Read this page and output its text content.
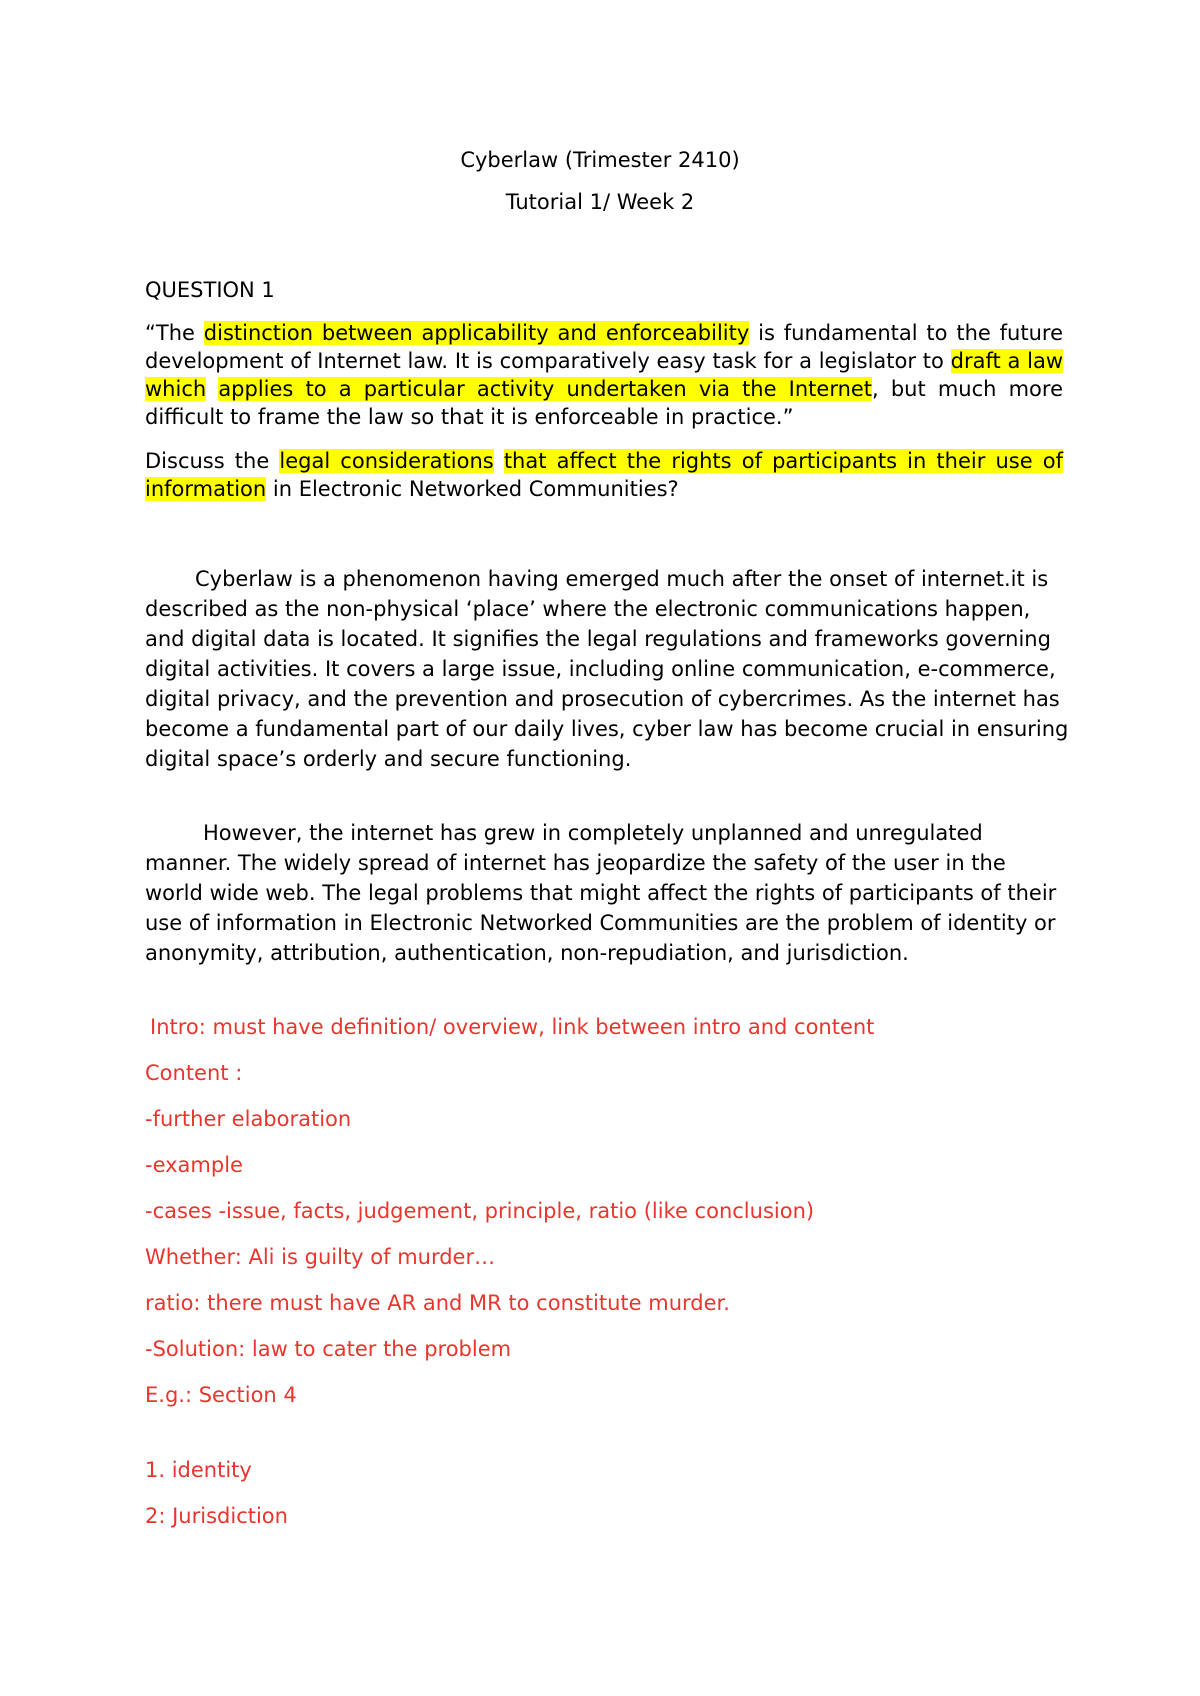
Cyberlaw (Trimester 2410)
Tutorial 1/ Week 2
QUESTION 1
“The distinction between applicability and enforceability is fundamental to the future development of Internet law. It is comparatively easy task for a legislator to draft a law which applies to a particular activity undertaken via the Internet, but much more difficult to frame the law so that it is enforceable in practice.”
Discuss the legal considerations that affect the rights of participants in their use of information in Electronic Networked Communities?
Cyberlaw is a phenomenon having emerged much after the onset of internet.it is described as the non-physical ‘place’ where the electronic communications happen, and digital data is located. It signifies the legal regulations and frameworks governing digital activities. It covers a large issue, including online communication, e-commerce, digital privacy, and the prevention and prosecution of cybercrimes. As the internet has become a fundamental part of our daily lives, cyber law has become crucial in ensuring digital space’s orderly and secure functioning.
However, the internet has grew in completely unplanned and unregulated manner. The widely spread of internet has jeopardize the safety of the user in the world wide web. The legal problems that might affect the rights of participants of their use of information in Electronic Networked Communities are the problem of identity or anonymity, attribution, authentication, non-repudiation, and jurisdiction.
Intro: must have definition/ overview, link between intro and content
Content :
-further elaboration
-example
-cases -issue, facts, judgement, principle, ratio (like conclusion)
Whether: Ali is guilty of murder…
ratio: there must have AR and MR to constitute murder.
-Solution: law to cater the problem
E.g.: Section 4
1. identity
2: Jurisdiction
